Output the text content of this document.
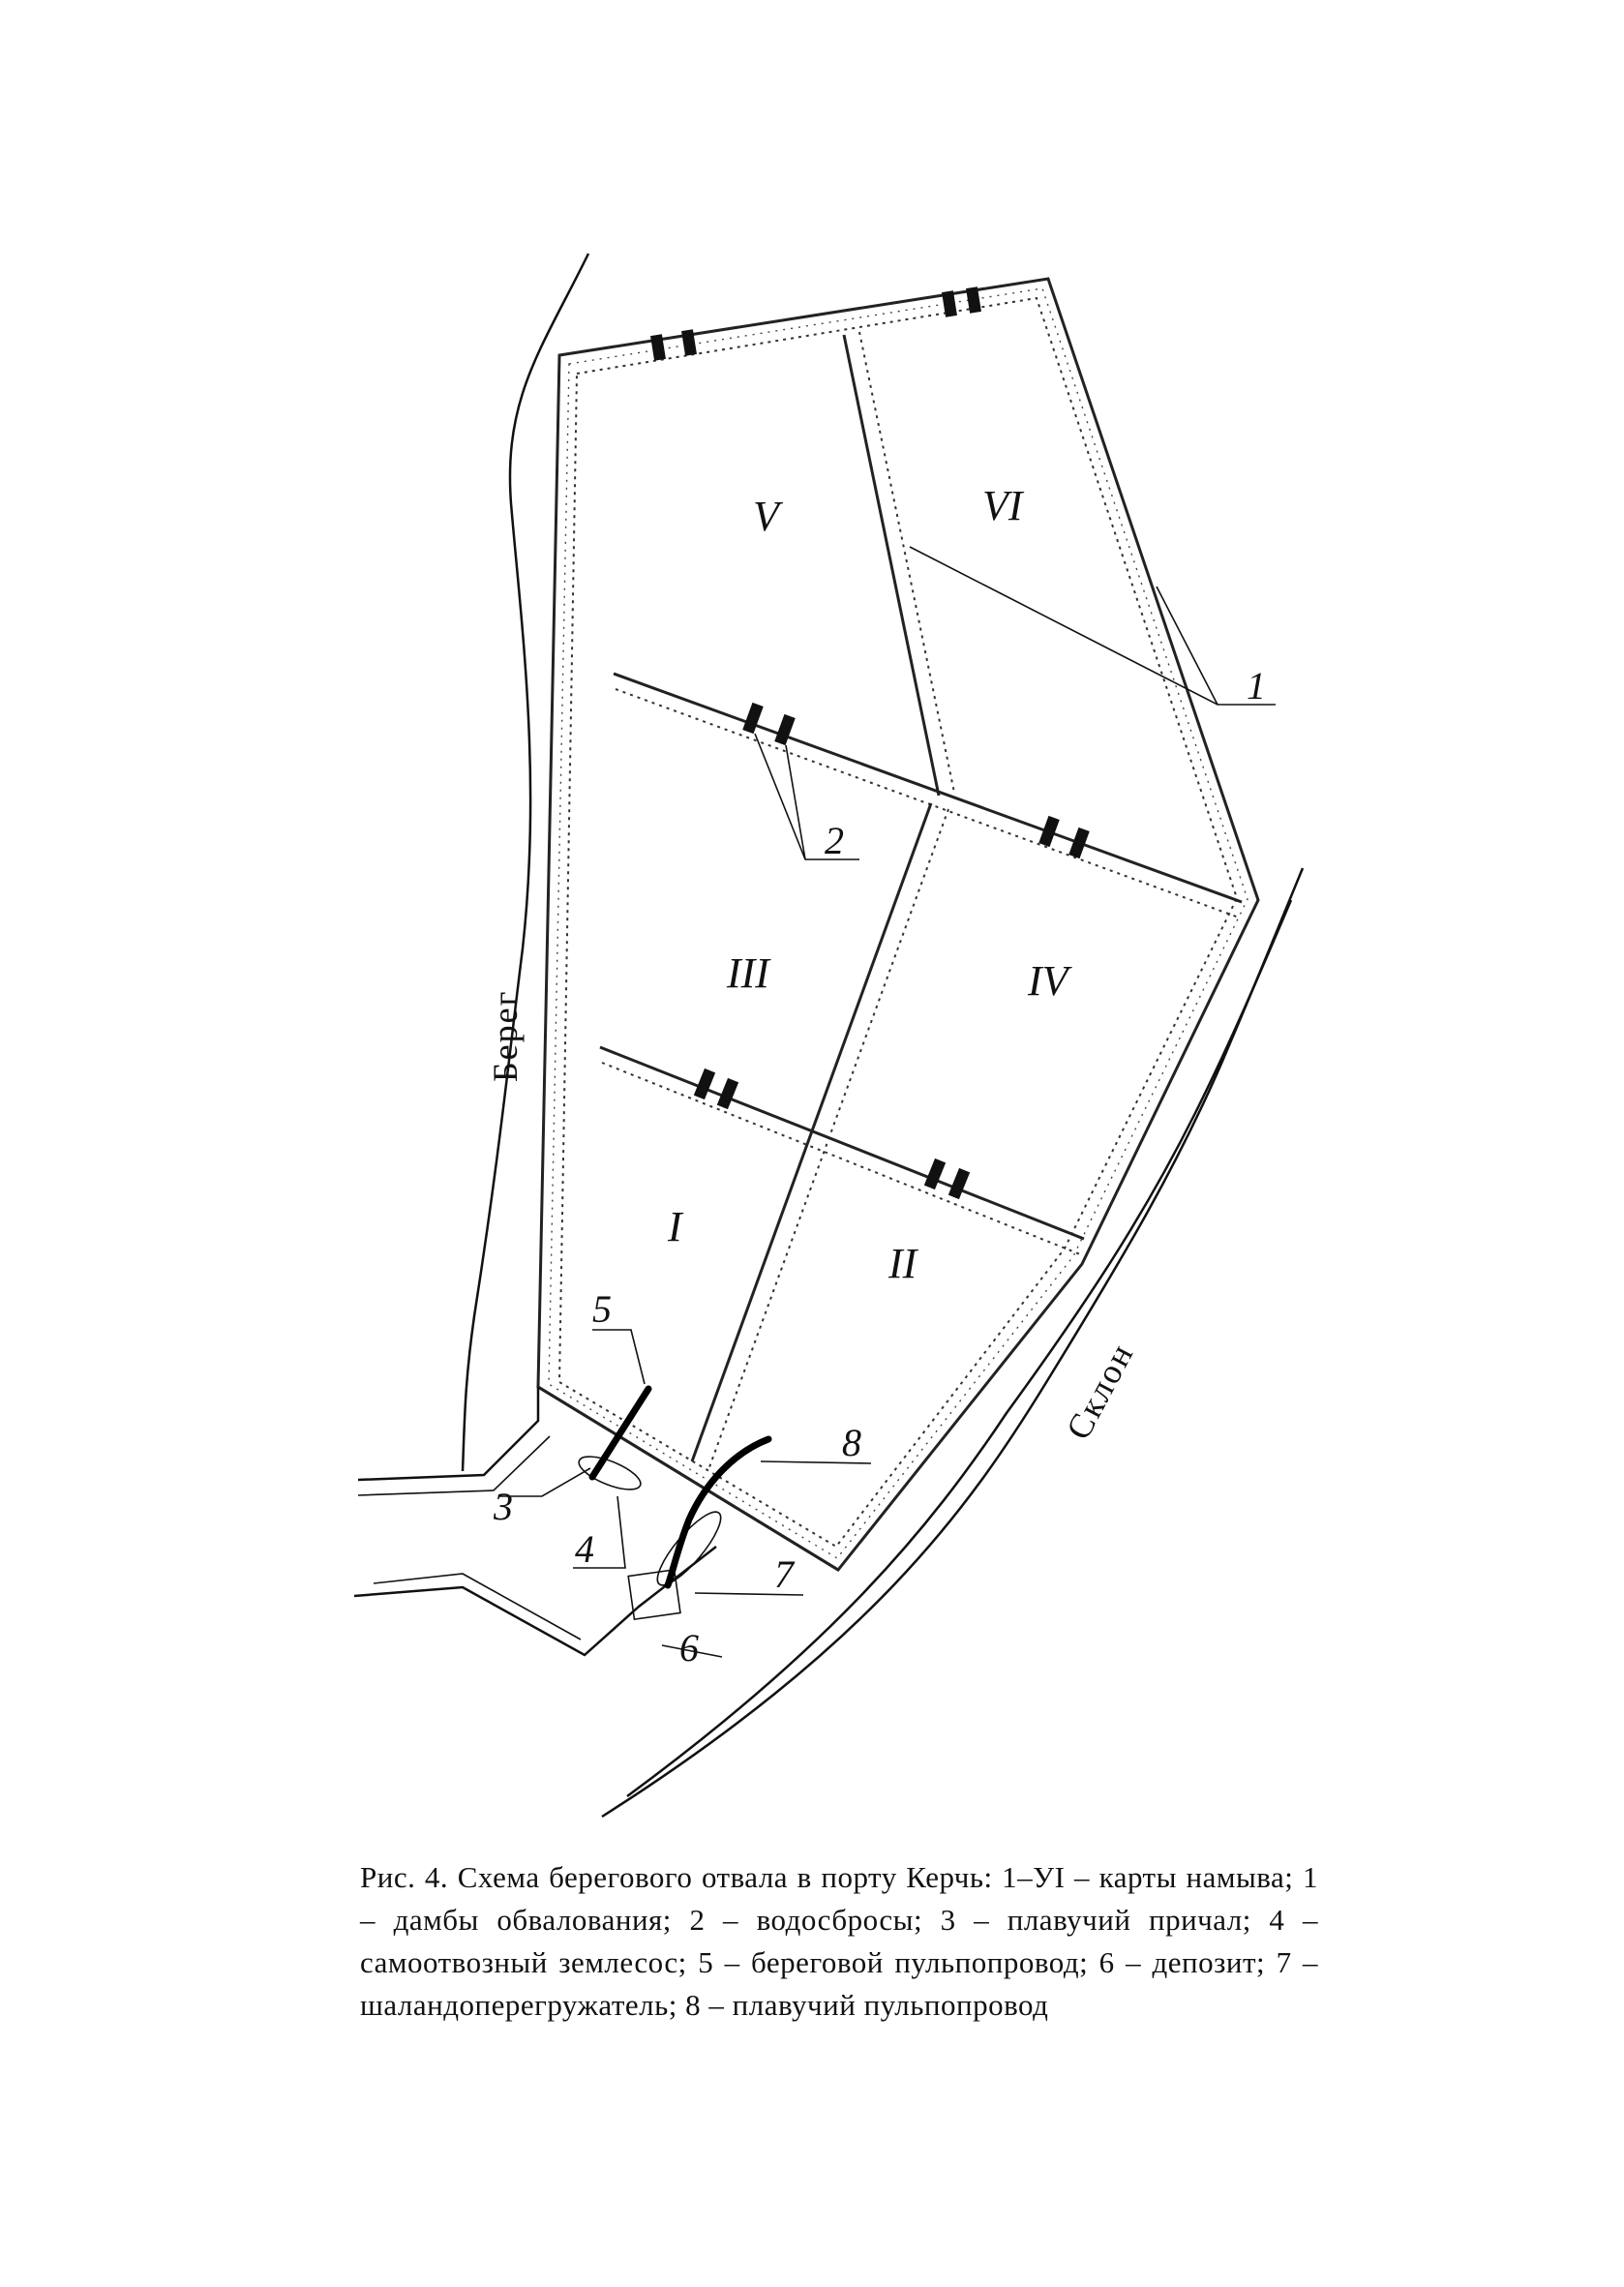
V	VI
III	IV
I
II
1
2
3
4
5
6
7
8
Берег
Склон
Рис. 4. Схема берегового отвала в порту Керчь: 1–УI – карты намыва; 1 – дамбы обвалования; 2 – водосбросы; 3 – плавучий причал; 4 – самоотвозный землесос; 5 – береговой пульпопровод; 6 – депозит; 7 – шаландоперегружатель; 8 – плавучий пульпопровод
